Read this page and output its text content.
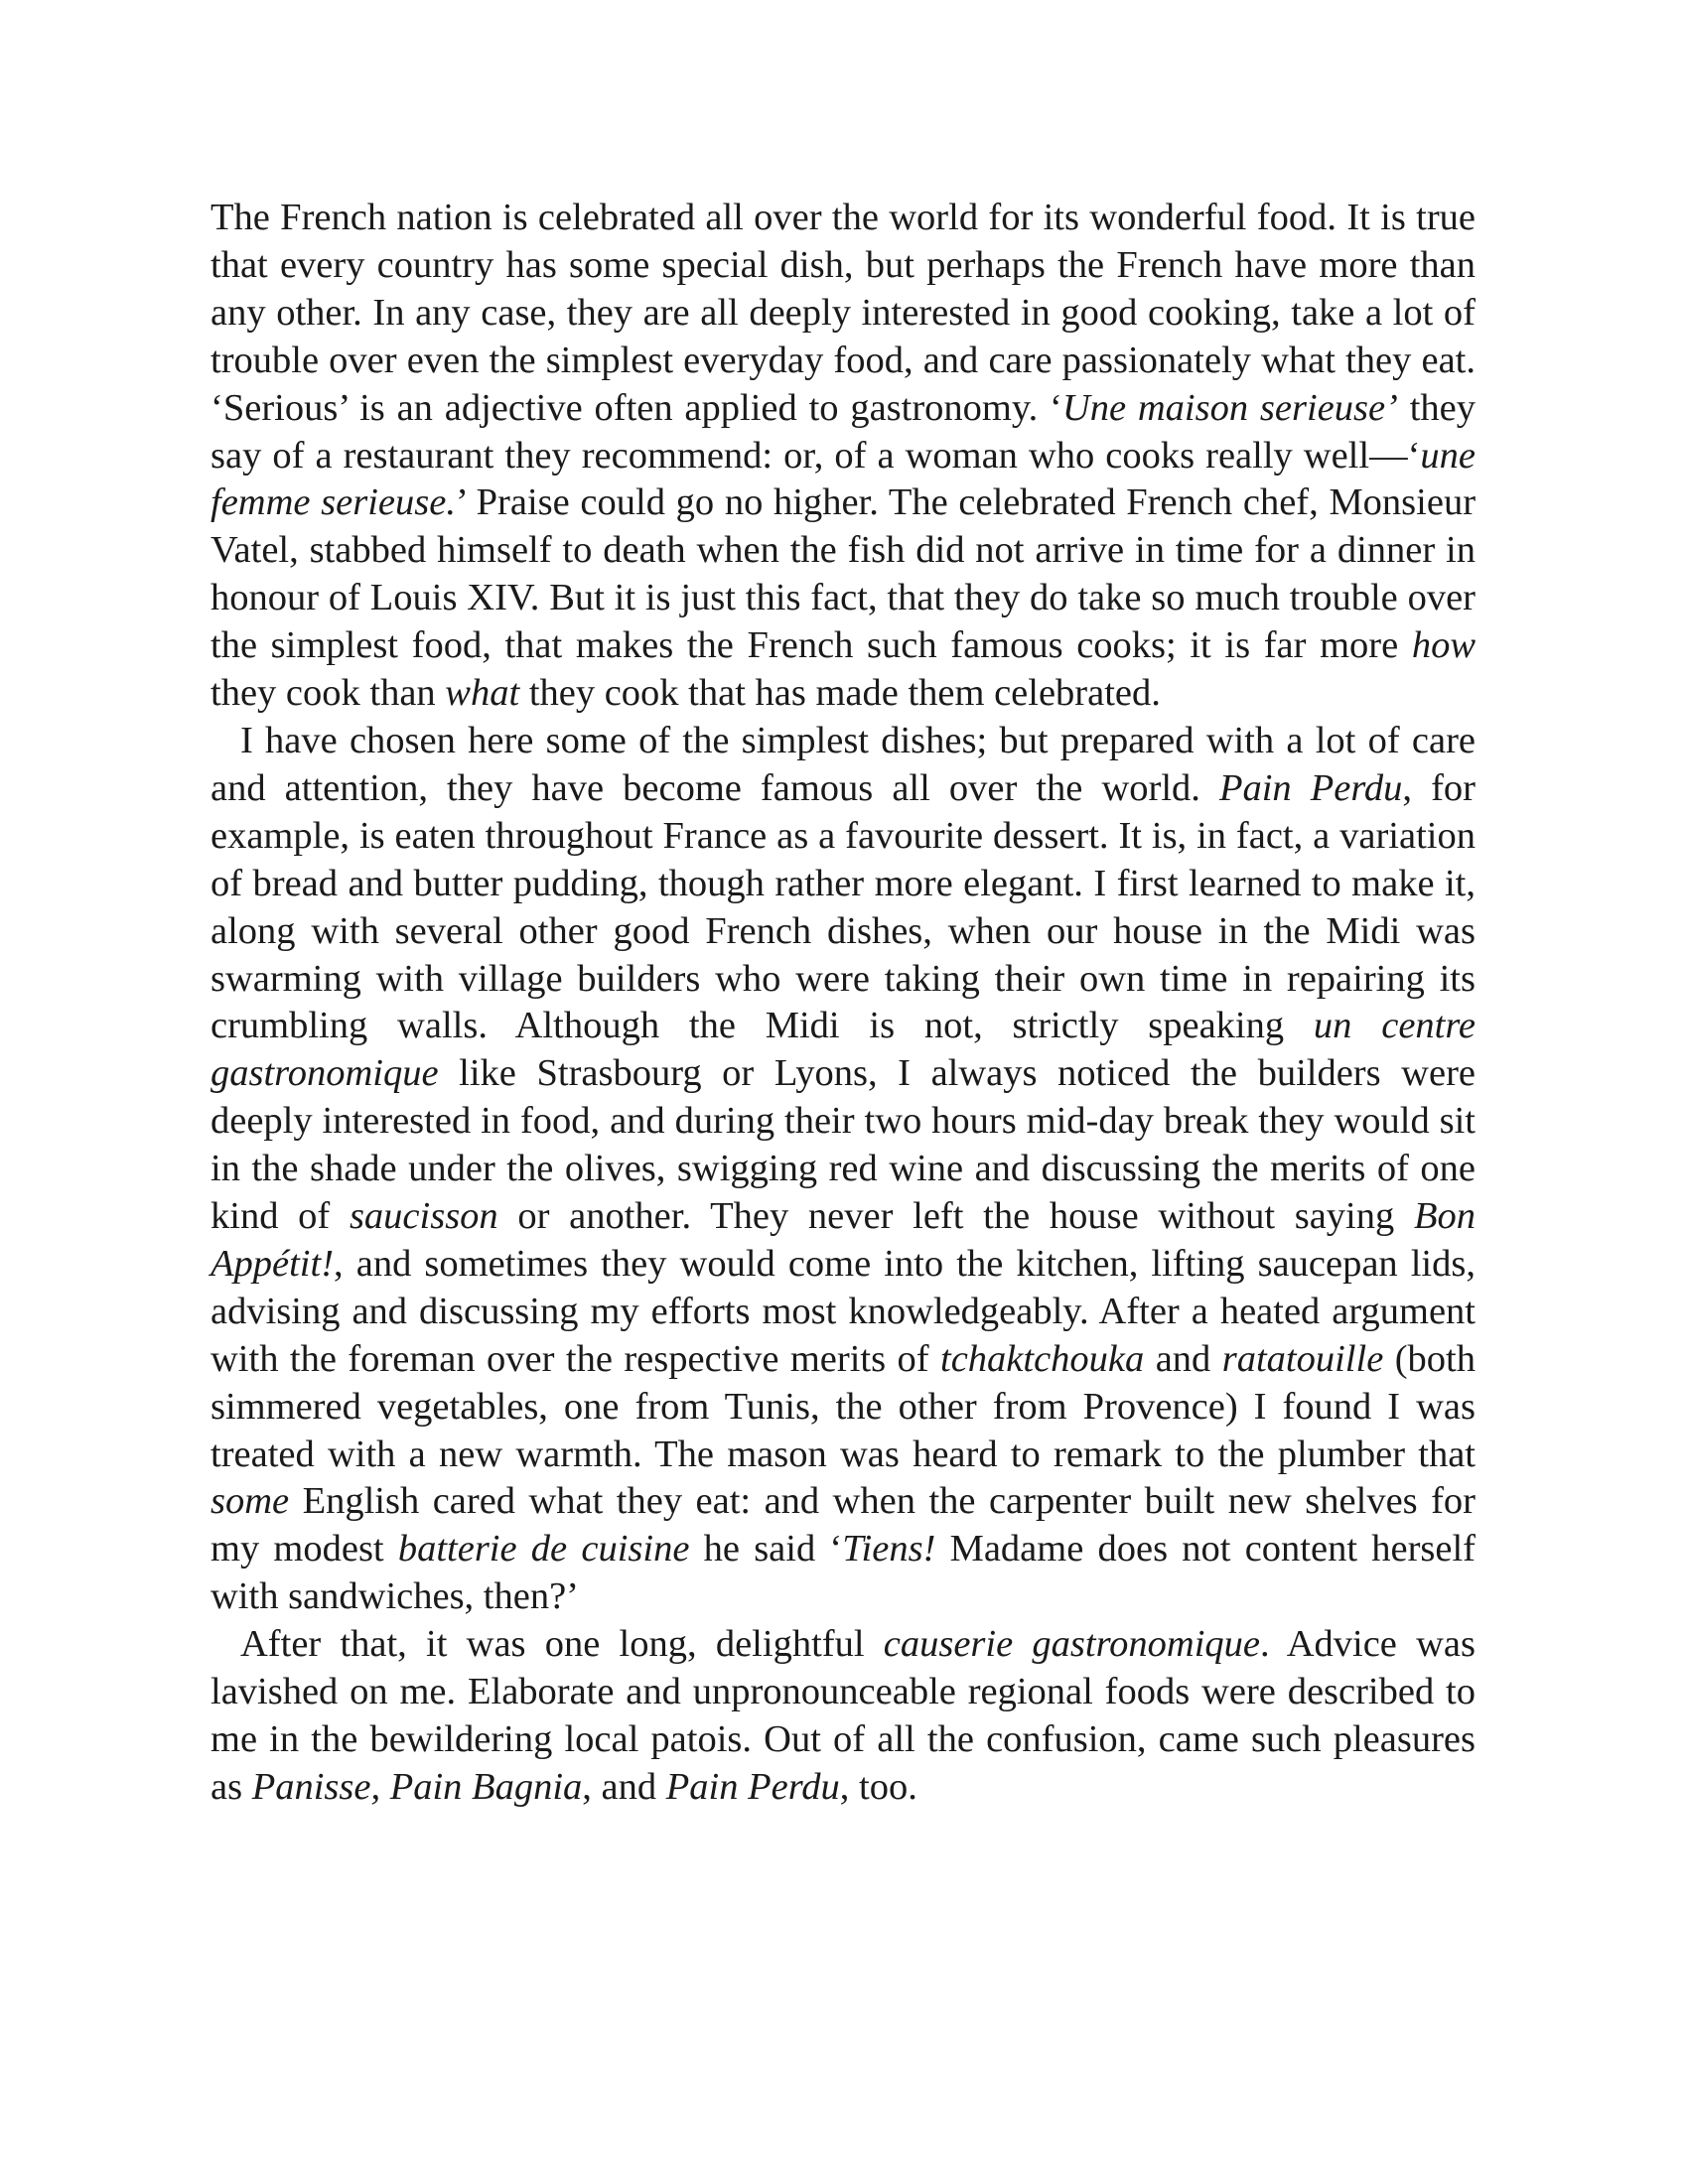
The French nation is celebrated all over the world for its wonderful food. It is true that every country has some special dish, but perhaps the French have more than any other. In any case, they are all deeply interested in good cooking, take a lot of trouble over even the simplest everyday food, and care passionately what they eat. ‘Serious’ is an adjective often applied to gastronomy. ‘Une maison serieuse’ they say of a restaurant they recommend: or, of a woman who cooks really well—‘une femme serieuse.’ Praise could go no higher. The celebrated French chef, Monsieur Vatel, stabbed himself to death when the fish did not arrive in time for a dinner in honour of Louis XIV. But it is just this fact, that they do take so much trouble over the simplest food, that makes the French such famous cooks; it is far more how they cook than what they cook that has made them celebrated.

I have chosen here some of the simplest dishes; but prepared with a lot of care and attention, they have become famous all over the world. Pain Perdu, for example, is eaten throughout France as a favourite dessert. It is, in fact, a variation of bread and butter pudding, though rather more elegant. I first learned to make it, along with several other good French dishes, when our house in the Midi was swarming with village builders who were taking their own time in repairing its crumbling walls. Although the Midi is not, strictly speaking un centre gastronomique like Strasbourg or Lyons, I always noticed the builders were deeply interested in food, and during their two hours mid-day break they would sit in the shade under the olives, swigging red wine and discussing the merits of one kind of saucisson or another. They never left the house without saying Bon Appétit!, and sometimes they would come into the kitchen, lifting saucepan lids, advising and discussing my efforts most knowledgeably. After a heated argument with the foreman over the respective merits of tchaktchouka and ratatouille (both simmered vegetables, one from Tunis, the other from Provence) I found I was treated with a new warmth. The mason was heard to remark to the plumber that some English cared what they eat: and when the carpenter built new shelves for my modest batterie de cuisine he said ‘Tiens! Madame does not content herself with sandwiches, then?’

After that, it was one long, delightful causerie gastronomique. Advice was lavished on me. Elaborate and unpronounceable regional foods were described to me in the bewildering local patois. Out of all the confusion, came such pleasures as Panisse, Pain Bagnia, and Pain Perdu, too.
